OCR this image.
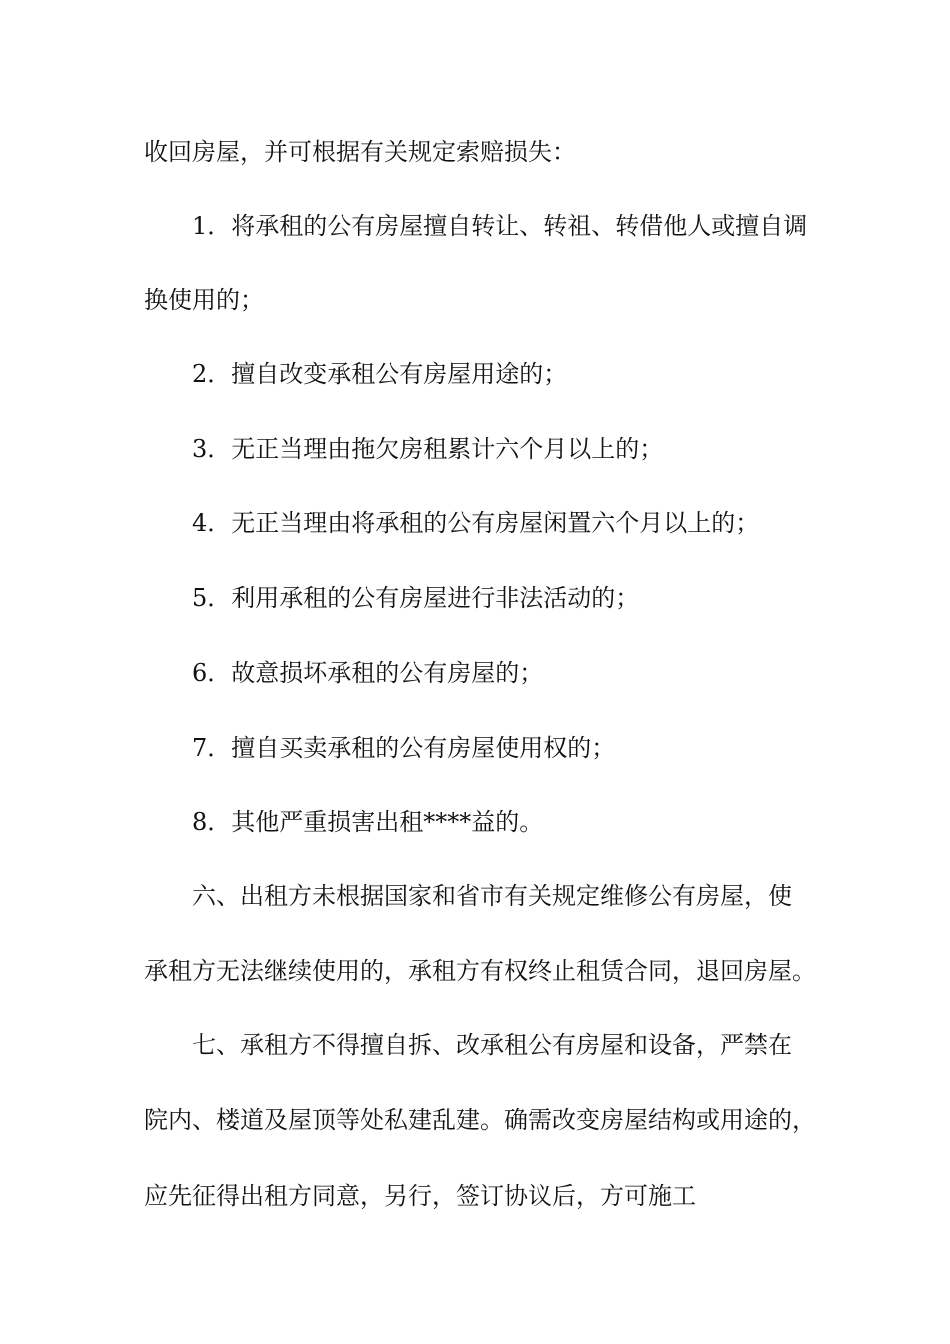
收回房屋，并可根据有关规定索赔损失：
1．将承租的公有房屋擅自转让、转祖、转借他人或擅自调
换使用的；
2．擅自改变承租公有房屋用途的；
3．无正当理由拖欠房租累计六个月以上的；
4．无正当理由将承租的公有房屋闲置六个月以上的；
5．利用承租的公有房屋进行非法活动的；
6．故意损坏承租的公有房屋的；
7．擅自买卖承租的公有房屋使用权的；
8．其他严重损害出租****益的。
六、出租方未根据国家和省市有关规定维修公有房屋，使
承租方无法继续使用的，承租方有权终止租赁合同，退回房屋。
七、承租方不得擅自拆、改承租公有房屋和设备，严禁在
院内、楼道及屋顶等处私建乱建。确需改变房屋结构或用途的，
应先征得出租方同意，另行，签订协议后，方可施工
